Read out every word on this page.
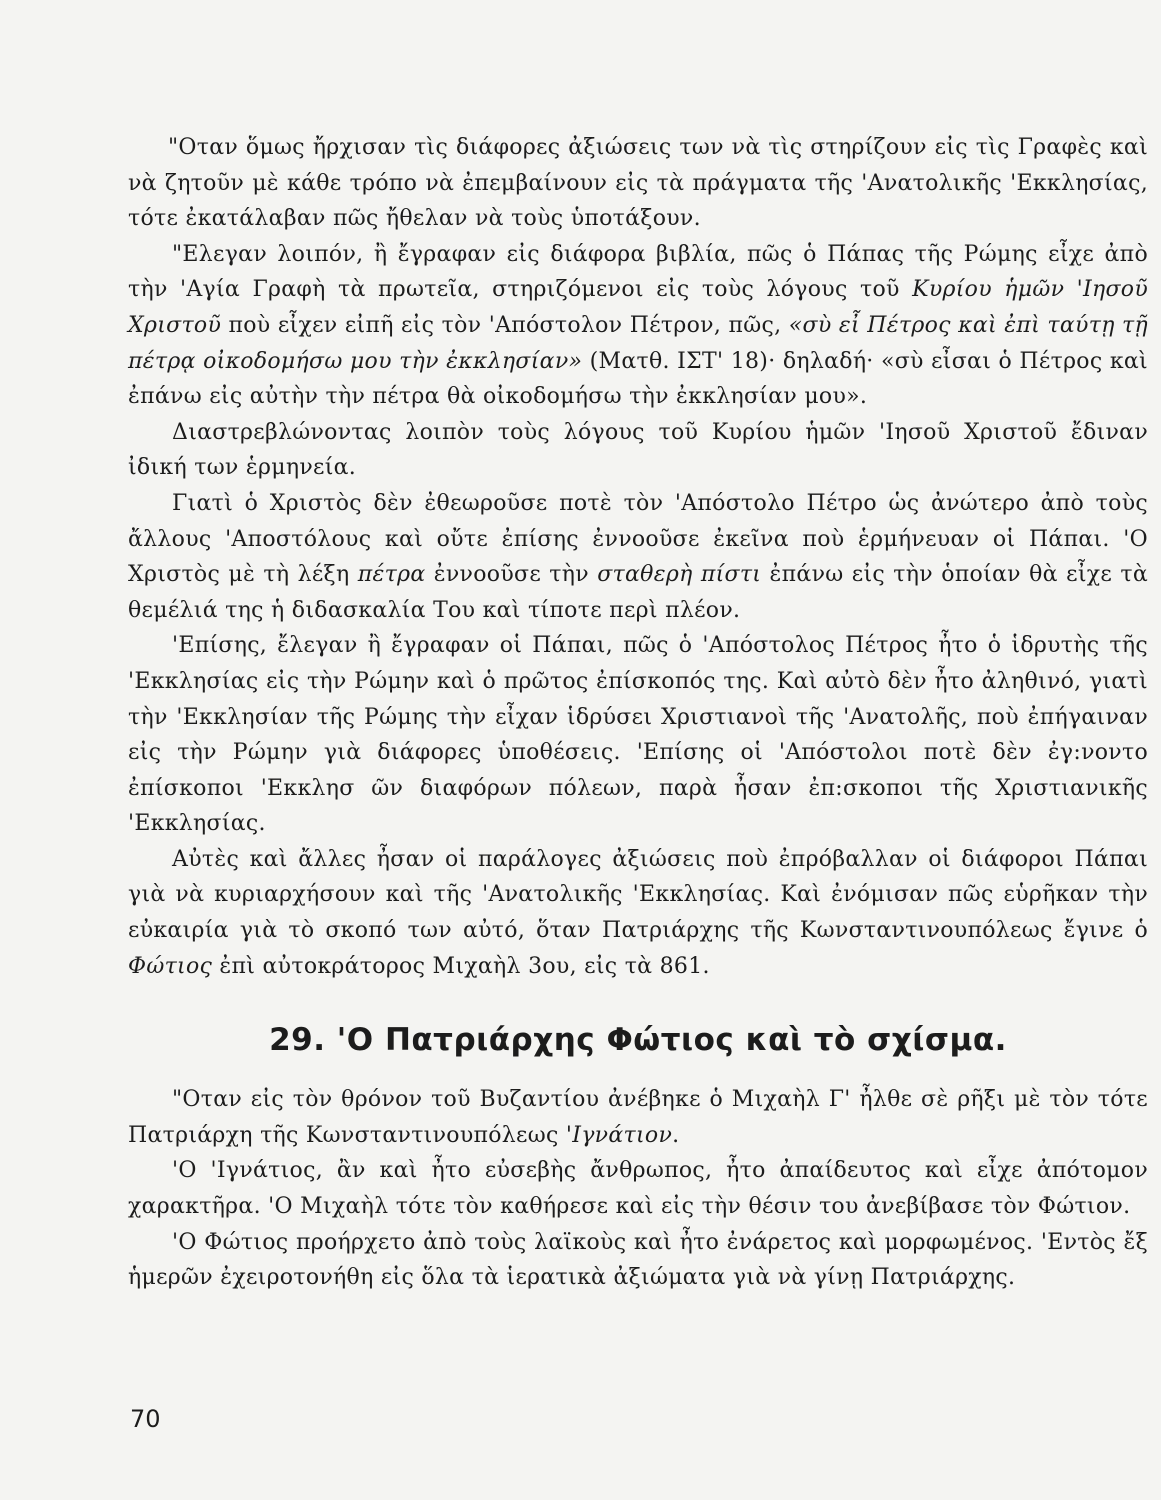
"Οταν ὅμως ἤρχισαν τὶς διάφορες ἀξιώσεις των νὰ τὶς στηρίζουν εἰς τὶς Γραφὲς καὶ νὰ ζητοῦν μὲ κάθε τρόπο νὰ ἐπεμβαίνουν εἰς τὰ πράγματα τῆς 'Ανατολικῆς 'Εκκλησίας, τότε ἐκατάλαβαν πῶς ἤθελαν νὰ τοὺς ὑποτάξουν.

"Ελεγαν λοιπόν, ἢ ἔγραφαν εἰς διάφορα βιβλία, πῶς ὁ Πάπας τῆς Ρώμης εἶχε ἀπὸ τὴν 'Αγία Γραφὴ τὰ πρωτεῖα, στηριζόμενοι εἰς τοὺς λόγους τοῦ Κυρίου ἡμῶν 'Ιησοῦ Χριστοῦ ποὺ εἶχεν εἰπῆ εἰς τὸν 'Απόστολον Πέτρον, πῶς, «σὺ εἶ Πέτρος καὶ ἐπὶ ταύτῃ τῇ πέτρᾳ οἰκοδομήσω μου τὴν ἐκκλησίαν» (Ματθ. ΙΣΤ' 18)· δηλαδή· «σὺ εἶσαι ὁ Πέτρος καὶ ἐπάνω εἰς αὐτὴν τὴν πέτρα θὰ οἰκοδομήσω τὴν ἐκκλησίαν μου».

Διαστρεβλώνοντας λοιπὸν τοὺς λόγους τοῦ Κυρίου ἡμῶν 'Ιησοῦ Χριστοῦ ἔδιναν ἰδική των ἑρμηνεία.

Γιατὶ ὁ Χριστὸς δὲν ἐθεωροῦσε ποτὲ τὸν 'Απόστολο Πέτρο ὡς ἀνώτερο ἀπὸ τοὺς ἄλλους 'Αποστόλους καὶ οὔτε ἐπίσης ἐννοοῦσε ἐκεῖνα ποὺ ἑρμήνευαν οἱ Πάπαι. 'Ο Χριστὸς μὲ τὴ λέξη πέτρα ἐννοοῦσε τὴν σταθερὴ πίστι ἐπάνω εἰς τὴν ὁποίαν θὰ εἶχε τὰ θεμέλιά της ἡ διδασκαλία Του καὶ τίποτε περὶ πλέον.

'Επίσης, ἔλεγαν ἢ ἔγραφαν οἱ Πάπαι, πῶς ὁ 'Απόστολος Πέτρος ἦτο ὁ ἱδρυτὴς τῆς 'Εκκλησίας εἰς τὴν Ρώμην καὶ ὁ πρῶτος ἐπίσκοπός της. Καὶ αὐτὸ δὲν ἦτο ἀληθινό, γιατὶ τὴν 'Εκκλησίαν τῆς Ρώμης τὴν εἶχαν ἱδρύσει Χριστιανοὶ τῆς 'Ανατολῆς, ποὺ ἐπήγαιναν εἰς τὴν Ρώμην γιὰ διάφορες ὑποθέσεις. 'Επίσης οἱ 'Απόστολοι ποτὲ δὲν ἐγ:νοντο ἐπίσκοποι 'Εκκλησ ῶν διαφόρων πόλεων, παρὰ ἦσαν ἐπ:σκοποι τῆς Χριστιανικῆς 'Εκκλησίας.

Αὐτὲς καὶ ἄλλες ἦσαν οἱ παράλογες ἀξιώσεις ποὺ ἐπρόβαλλαν οἱ διάφοροι Πάπαι γιὰ νὰ κυριαρχήσουν καὶ τῆς 'Ανατολικῆς 'Εκκλησίας. Καὶ ἐνόμισαν πῶς εὑρῆκαν τὴν εὐκαιρία γιὰ τὸ σκοπό των αὐτό, ὅταν Πατριάρχης τῆς Κωνσταντινουπόλεως ἔγινε ὁ Φώτιος ἐπὶ αὐτοκράτορος Μιχαὴλ 3ου, εἰς τὰ 861.

29. 'Ο Πατριάρχης Φώτιος καὶ τὸ σχίσμα.

"Οταν εἰς τὸν θρόνον τοῦ Βυζαντίου ἀνέβηκε ὁ Μιχαὴλ Γ' ἦλθε σὲ ρῆξι μὲ τὸν τότε Πατριάρχη τῆς Κωνσταντινουπόλεως 'Ιγνάτιον.

'Ο 'Ιγνάτιος, ἂν καὶ ἦτο εὐσεβὴς ἄνθρωπος, ἦτο ἀπαίδευτος καὶ εἶχε ἀπότομον χαρακτῆρα. 'Ο Μιχαὴλ τότε τὸν καθήρεσε καὶ εἰς τὴν θέσιν του ἀνεβίβασε τὸν Φώτιον.

'Ο Φώτιος προήρχετο ἀπὸ τοὺς λαϊκοὺς καὶ ἦτο ἐνάρετος καὶ μορφωμένος. 'Εντὸς ἔξ ἡμερῶν ἐχειροτονήθη εἰς ὅλα τὰ ἱερατικὰ ἀξιώματα γιὰ νὰ γίνῃ Πατριάρχης.

70
